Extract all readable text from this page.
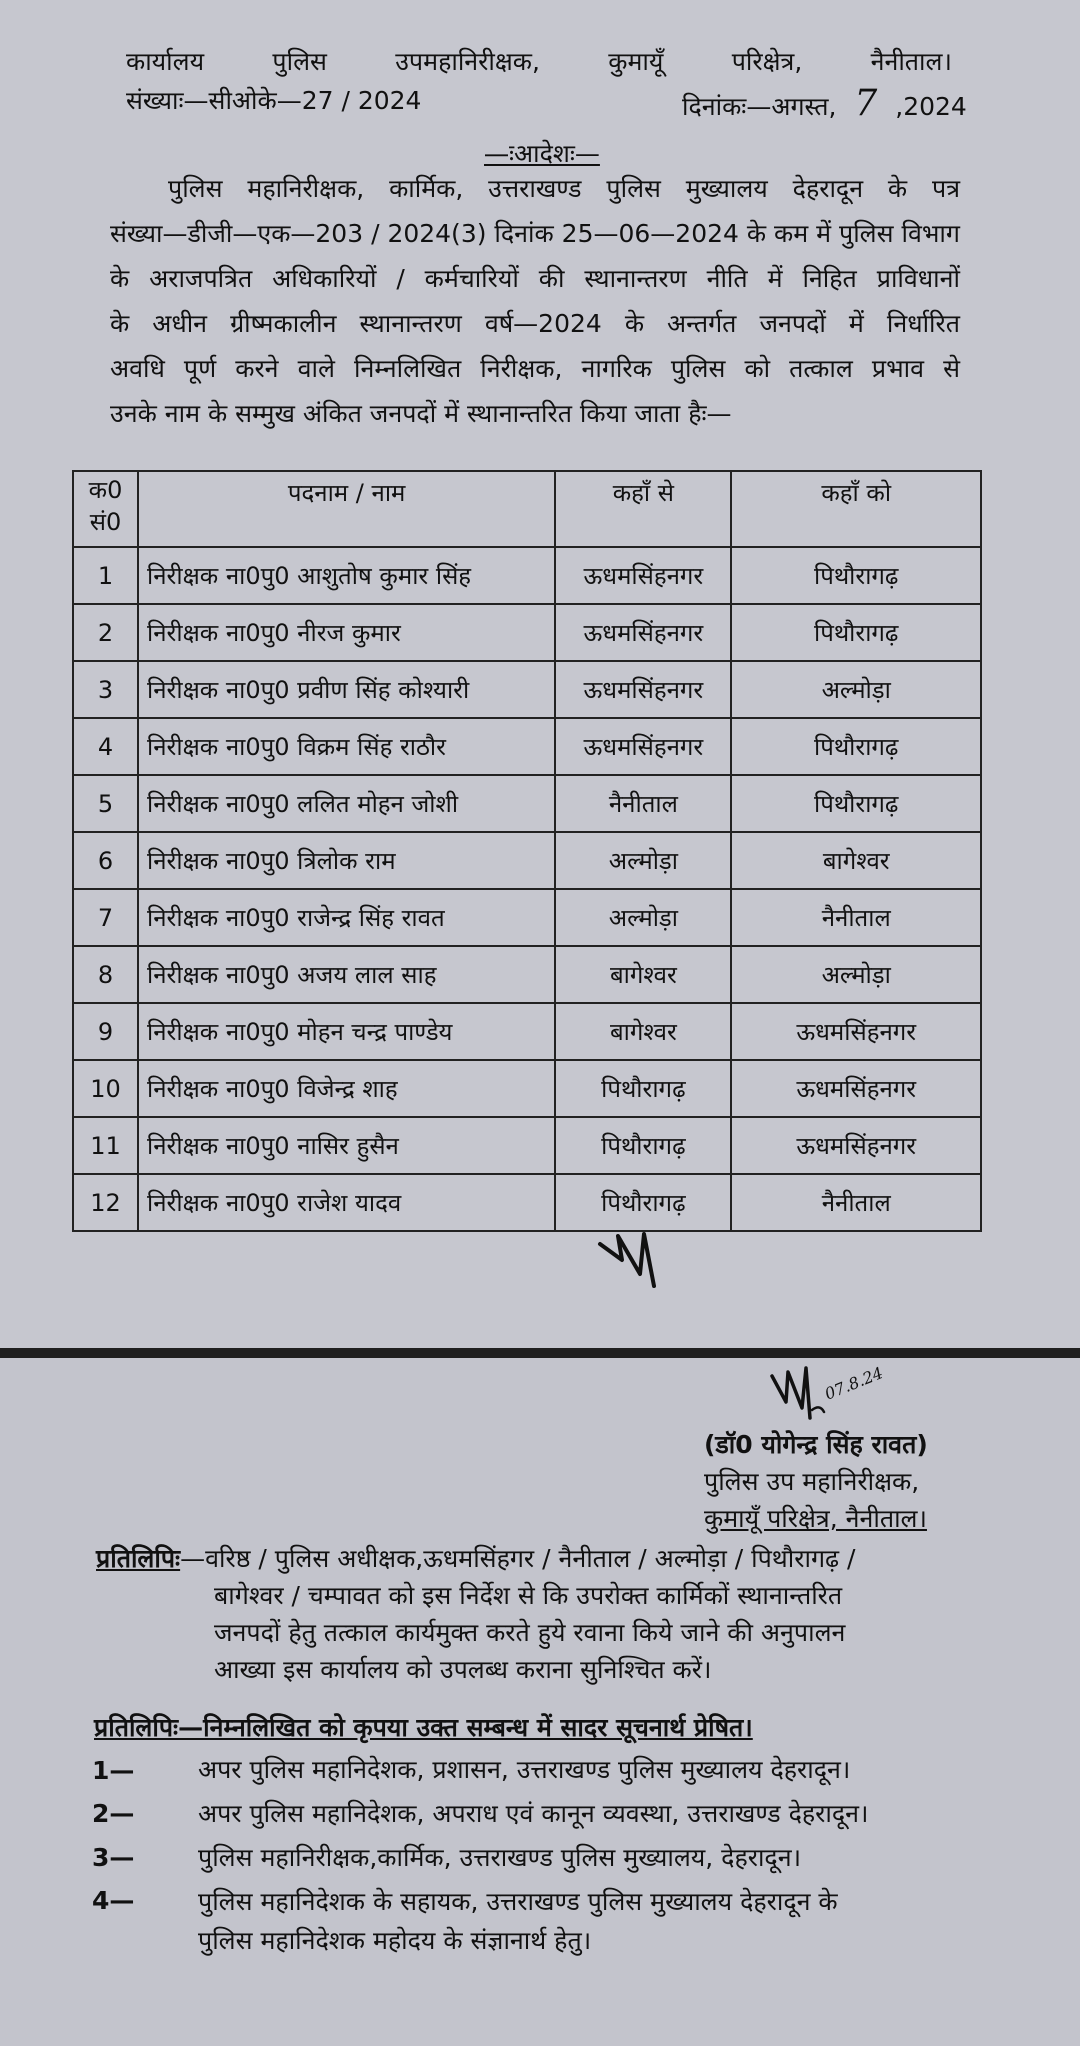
कार्यालय	पुलिस	उपमहानिरीक्षक,	कुमायूँ	परिक्षेत्र,	नैनीताल।
संख्याः—सीओके—27 / 2024	दिनांकः—अगस्त, 7 ,2024
—ःआदेशः—
पुलिस महानिरीक्षक, कार्मिक, उत्तराखण्ड पुलिस मुख्यालय देहरादून के पत्र
संख्या—डीजी—एक—203 / 2024(3) दिनांक 25—06—2024 के कम में पुलिस विभाग
के अराजपत्रित अधिकारियों / कर्मचारियों की स्थानान्तरण नीति में निहित प्राविधानों
के अधीन ग्रीष्मकालीन स्थानान्तरण वर्ष—2024 के अन्तर्गत जनपदों में निर्धारित
अवधि पूर्ण करने वाले निम्नलिखित निरीक्षक, नागरिक पुलिस को तत्काल प्रभाव से
उनके नाम के सम्मुख अंकित जनपदों में स्थानान्तरित किया जाता हैः—
क0
सं0	पदनाम / नाम	कहाँ से	कहाँ को
1	निरीक्षक ना0पु0 आशुतोष कुमार सिंह	ऊधमसिंहनगर	पिथौरागढ़
2	निरीक्षक ना0पु0 नीरज कुमार	ऊधमसिंहनगर	पिथौरागढ़
3	निरीक्षक ना0पु0 प्रवीण सिंह कोश्यारी	ऊधमसिंहनगर	अल्मोड़ा
4	निरीक्षक ना0पु0 विक्रम सिंह राठौर	ऊधमसिंहनगर	पिथौरागढ़
5	निरीक्षक ना0पु0 ललित मोहन जोशी	नैनीताल	पिथौरागढ़
6	निरीक्षक ना0पु0 त्रिलोक राम	अल्मोड़ा	बागेश्वर
7	निरीक्षक ना0पु0 राजेन्द्र सिंह रावत	अल्मोड़ा	नैनीताल
8	निरीक्षक ना0पु0 अजय लाल साह	बागेश्वर	अल्मोड़ा
9	निरीक्षक ना0पु0 मोहन चन्द्र पाण्डेय	बागेश्वर	ऊधमसिंहनगर
10	निरीक्षक ना0पु0 विजेन्द्र शाह	पिथौरागढ़	ऊधमसिंहनगर
11	निरीक्षक ना0पु0 नासिर हुसैन	पिथौरागढ़	ऊधमसिंहनगर
12	निरीक्षक ना0पु0 राजेश यादव	पिथौरागढ़	नैनीताल
07.8.24
(डॉ0 योगेन्द्र सिंह रावत)
पुलिस उप महानिरीक्षक,
कुमायूँ परिक्षेत्र, नैनीताल।
प्रतिलिपिः—वरिष्ठ / पुलिस अधीक्षक,ऊधमसिंहगर / नैनीताल / अल्मोड़ा / पिथौरागढ़ /
बागेश्वर / चम्पावत को इस निर्देश से कि उपरोक्त कार्मिकों स्थानान्तरित
जनपदों हेतु तत्काल कार्यमुक्त करते हुये रवाना किये जाने की अनुपालन
आख्या इस कार्यालय को उपलब्ध कराना सुनिश्चित करें।
प्रतिलिपिः—निम्नलिखित को कृपया उक्त सम्बन्ध में सादर सूचनार्थ प्रेषित।
1—	अपर पुलिस महानिदेशक, प्रशासन, उत्तराखण्ड पुलिस मुख्यालय देहरादून।
2—	अपर पुलिस महानिदेशक, अपराध एवं कानून व्यवस्था, उत्तराखण्ड देहरादून।
3—	पुलिस महानिरीक्षक,कार्मिक, उत्तराखण्ड पुलिस मुख्यालय, देहरादून।
4—	पुलिस महानिदेशक के सहायक, उत्तराखण्ड पुलिस मुख्यालय देहरादून के
पुलिस महानिदेशक महोदय के संज्ञानार्थ हेतु।
